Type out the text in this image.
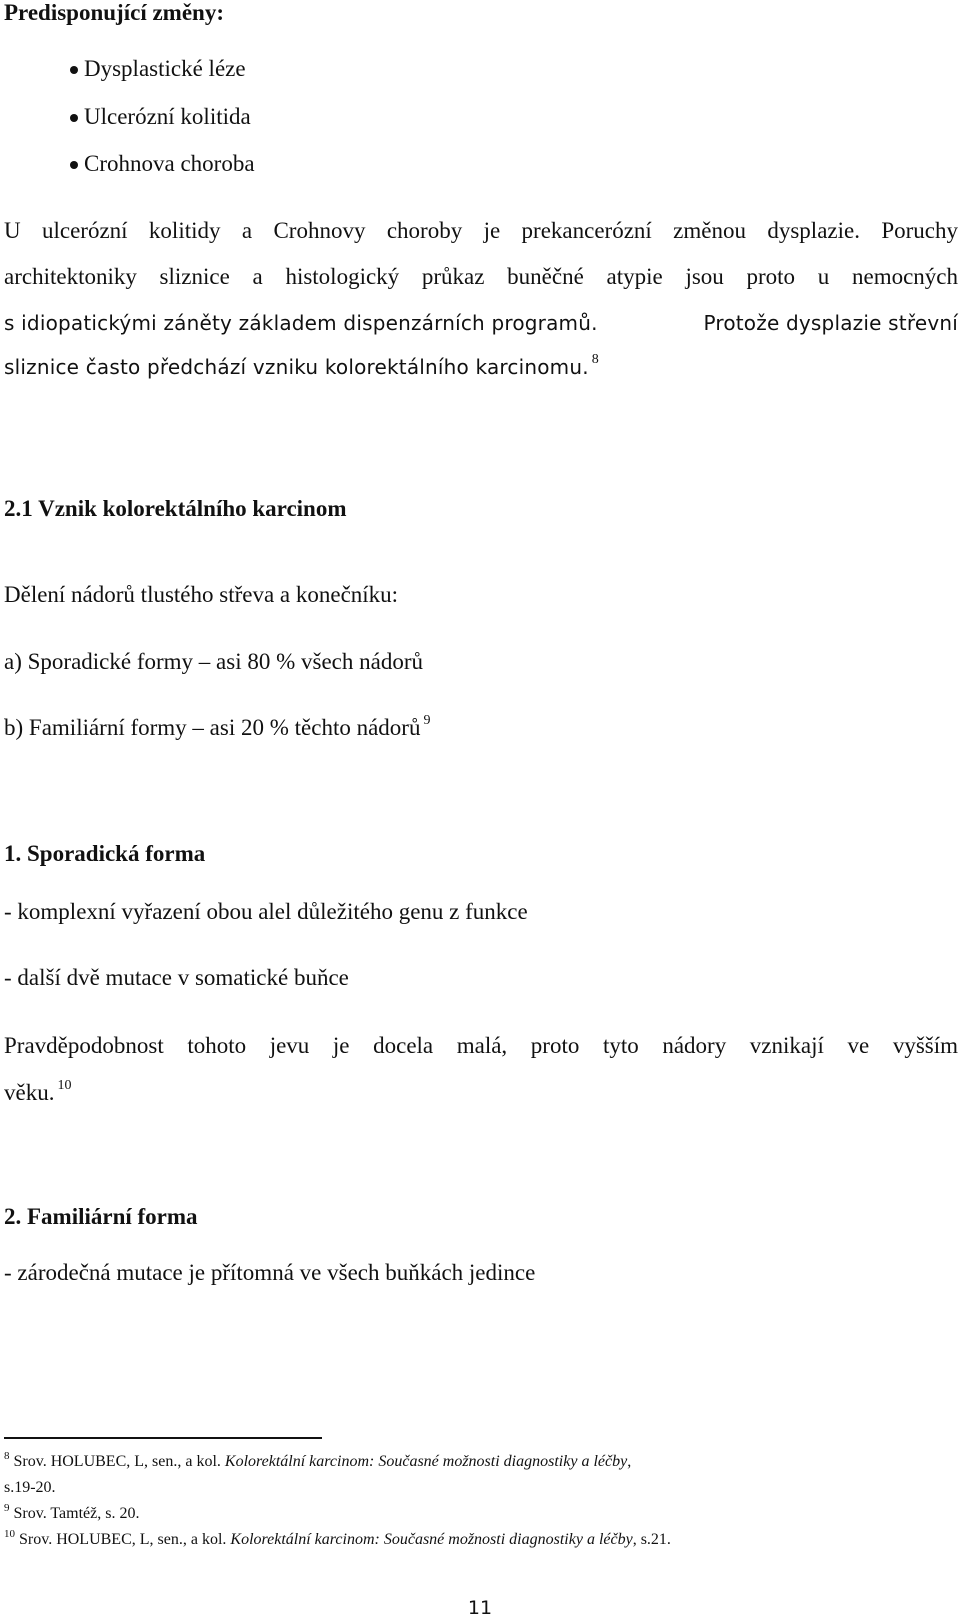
Predisponující změny:
Dysplastické léze
Ulcerózní kolitida
Crohnova choroba
U ulcerózní kolitidy a Crohnovy choroby je prekancerózní změnou dysplazie. Poruchy
architektoniky sliznice a histologický průkaz buněčné atypie jsou proto u nemocných
s idiopatickými záněty základem dispenzárních programů.	Protože dysplazie střevní
sliznice často předchází vzniku kolorektálního karcinomu. 8
2.1 Vznik kolorektálního karcinom
Dělení nádorů tlustého střeva a konečníku:
a) Sporadické formy – asi 80 % všech nádorů
b) Familiární formy – asi 20 % těchto nádorů $^9$
1. Sporadická forma
- komplexní vyřazení obou alel důležitého genu z funkce
- další dvě mutace v somatické buňce
Pravděpodobnost tohoto jevu je docela malá, proto tyto nádory vznikají ve vyšším
věku. $^{10}$
2. Familiární forma
- zárodečná mutace je přítomná ve všech buňkách jedince
$^8$ Srov. HOLUBEC, L, sen., a kol. Kolorektální karcinom: Současné možnosti diagnostiky a léčby,
s.19-20.
$^9$ Srov. Tamtéž, s. 20.
$^{10}$ Srov. HOLUBEC, L, sen., a kol. Kolorektální karcinom: Současné možnosti diagnostiky a léčby, s.21.
11
